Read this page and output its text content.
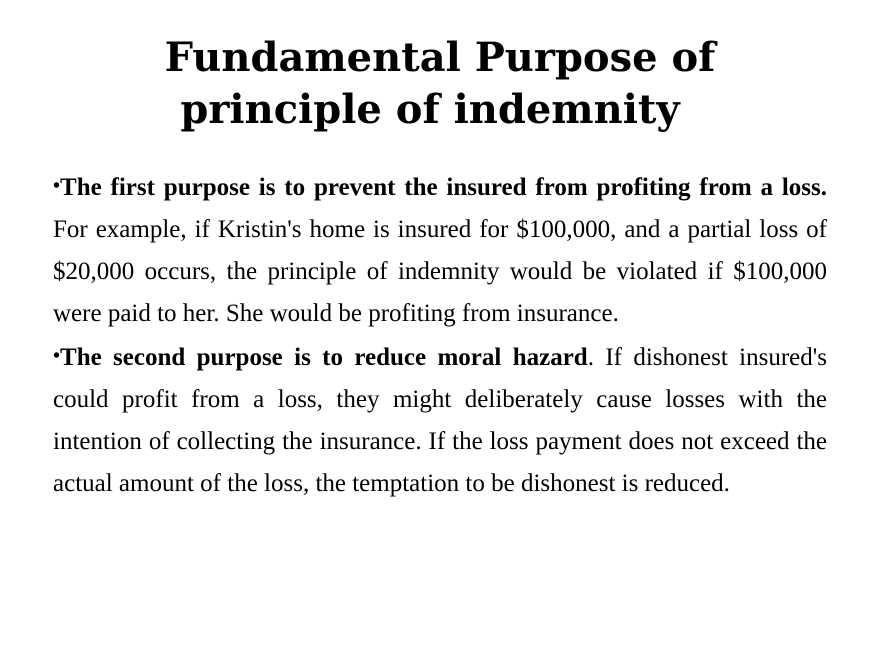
Fundamental Purpose of
principle of indemnity

•The first purpose is to prevent the insured from profiting from a loss. For example, if Kristin's home is insured for $100,000, and a partial loss of $20,000 occurs, the principle of indemnity would be violated if $100,000 were paid to her. She would be profiting from insurance.

•The second purpose is to reduce moral hazard. If dishonest insured's could profit from a loss, they might deliberately cause losses with the intention of collecting the insurance. If the loss payment does not exceed the actual amount of the loss, the temptation to be dishonest is reduced.
